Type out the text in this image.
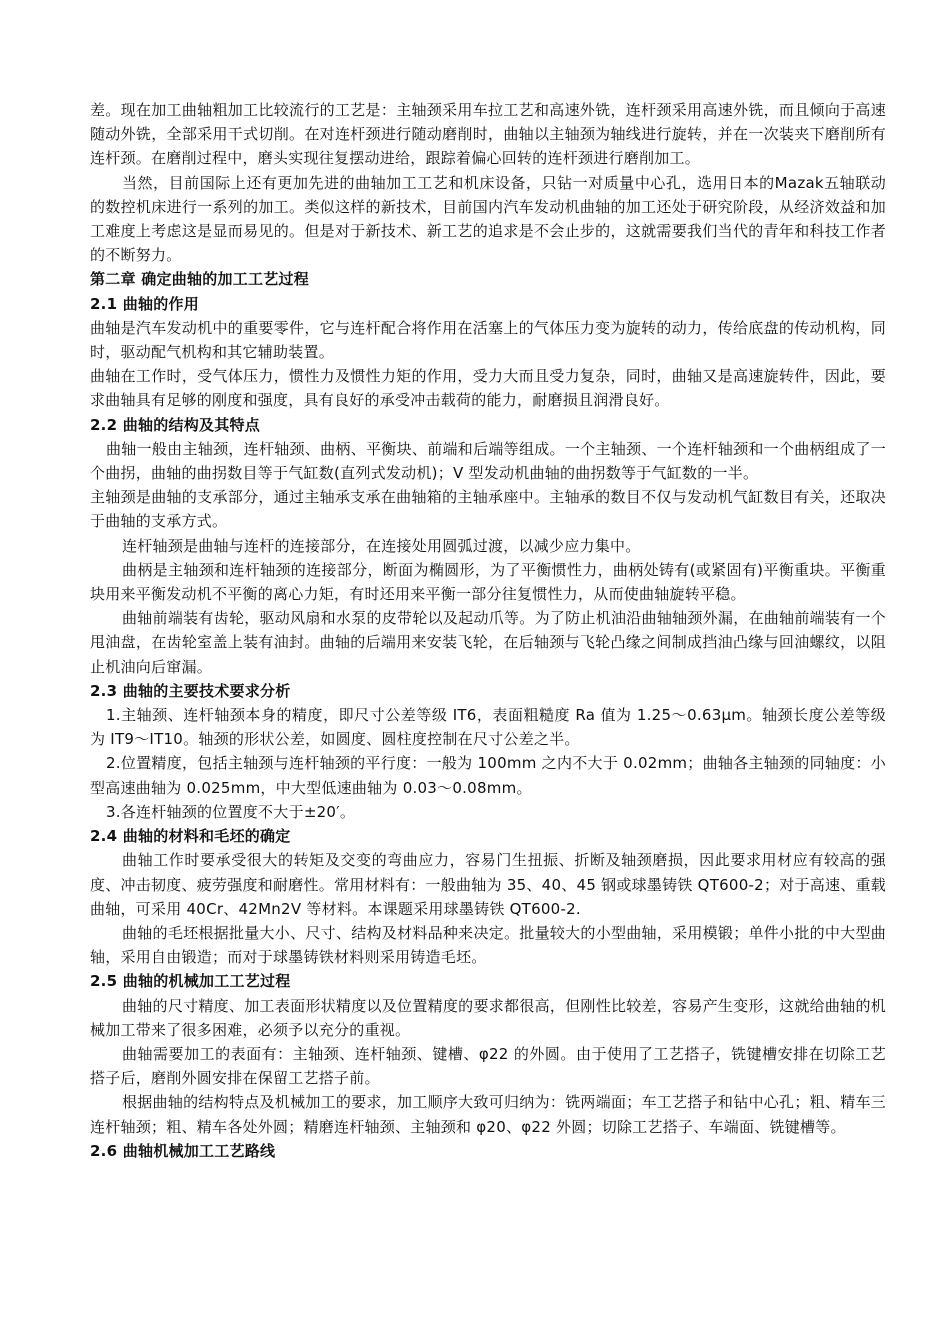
差。现在加工曲轴粗加工比较流行的工艺是：主轴颈采用车拉工艺和高速外铣，连杆颈采用高速外铣，而且倾向于高速随动外铣，全部采用干式切削。在对连杆颈进行随动磨削时，曲轴以主轴颈为轴线进行旋转，并在一次装夹下磨削所有连杆颈。在磨削过程中，磨头实现往复摆动进给，跟踪着偏心回转的连杆颈进行磨削加工。

当然，目前国际上还有更加先进的曲轴加工工艺和机床设备，只钻一对质量中心孔，选用日本的Mazak五轴联动的数控机床进行一系列的加工。类似这样的新技术，目前国内汽车发动机曲轴的加工还处于研究阶段，从经济效益和加工难度上考虑这是显而易见的。但是对于新技术、新工艺的追求是不会止步的，这就需要我们当代的青年和科技工作者的不断努力。

第二章 确定曲轴的加工工艺过程

2.1 曲轴的作用

曲轴是汽车发动机中的重要零件，它与连杆配合将作用在活塞上的气体压力变为旋转的动力，传给底盘的传动机构，同时，驱动配气机构和其它辅助装置。

曲轴在工作时，受气体压力，惯性力及惯性力矩的作用，受力大而且受力复杂，同时，曲轴又是高速旋转件，因此，要求曲轴具有足够的刚度和强度，具有良好的承受冲击载荷的能力，耐磨损且润滑良好。

2.2 曲轴的结构及其特点

曲轴一般由主轴颈，连杆轴颈、曲柄、平衡块、前端和后端等组成。一个主轴颈、一个连杆轴颈和一个曲柄组成了一个曲拐，曲轴的曲拐数目等于气缸数(直列式发动机)；V 型发动机曲轴的曲拐数等于气缸数的一半。

主轴颈是曲轴的支承部分，通过主轴承支承在曲轴箱的主轴承座中。主轴承的数目不仅与发动机气缸数目有关，还取决于曲轴的支承方式。

连杆轴颈是曲轴与连杆的连接部分，在连接处用圆弧过渡，以减少应力集中。

曲柄是主轴颈和连杆轴颈的连接部分，断面为椭圆形，为了平衡惯性力，曲柄处铸有(或紧固有)平衡重块。平衡重块用来平衡发动机不平衡的离心力矩，有时还用来平衡一部分往复惯性力，从而使曲轴旋转平稳。

曲轴前端装有齿轮，驱动风扇和水泵的皮带轮以及起动爪等。为了防止机油沿曲轴轴颈外漏，在曲轴前端装有一个甩油盘，在齿轮室盖上装有油封。曲轴的后端用来安装飞轮，在后轴颈与飞轮凸缘之间制成挡油凸缘与回油螺纹，以阻止机油向后窜漏。

2.3 曲轴的主要技术要求分析

1.主轴颈、连杆轴颈本身的精度，即尺寸公差等级 IT6，表面粗糙度 Ra 值为 1.25～0.63μm。轴颈长度公差等级为 IT9～IT10。轴颈的形状公差，如圆度、圆柱度控制在尺寸公差之半。

2.位置精度，包括主轴颈与连杆轴颈的平行度：一般为 100mm 之内不大于 0.02mm；曲轴各主轴颈的同轴度：小型高速曲轴为 0.025mm，中大型低速曲轴为 0.03～0.08mm。

3.各连杆轴颈的位置度不大于±20′。

2.4 曲轴的材料和毛坯的确定

曲轴工作时要承受很大的转矩及交变的弯曲应力，容易门生扭振、折断及轴颈磨损，因此要求用材应有较高的强度、冲击韧度、疲劳强度和耐磨性。常用材料有：一般曲轴为 35、40、45 钢或球墨铸铁 QT600-2；对于高速、重载曲轴，可采用 40Cr、42Mn2V 等材料。本课题采用球墨铸铁 QT600-2.

曲轴的毛坯根据批量大小、尺寸、结构及材料品种来决定。批量较大的小型曲轴，采用模锻；单件小批的中大型曲轴，采用自由锻造；而对于球墨铸铁材料则采用铸造毛坯。

2.5 曲轴的机械加工工艺过程

曲轴的尺寸精度、加工表面形状精度以及位置精度的要求都很高，但刚性比较差，容易产生变形，这就给曲轴的机械加工带来了很多困难，必须予以充分的重视。

曲轴需要加工的表面有：主轴颈、连杆轴颈、键槽、φ22 的外圆。由于使用了工艺搭子，铣键槽安排在切除工艺搭子后，磨削外圆安排在保留工艺搭子前。

根据曲轴的结构特点及机械加工的要求，加工顺序大致可归纳为：铣两端面；车工艺搭子和钻中心孔；粗、精车三连杆轴颈；粗、精车各处外圆；精磨连杆轴颈、主轴颈和 φ20、φ22 外圆；切除工艺搭子、车端面、铣键槽等。

2.6 曲轴机械加工工艺路线
